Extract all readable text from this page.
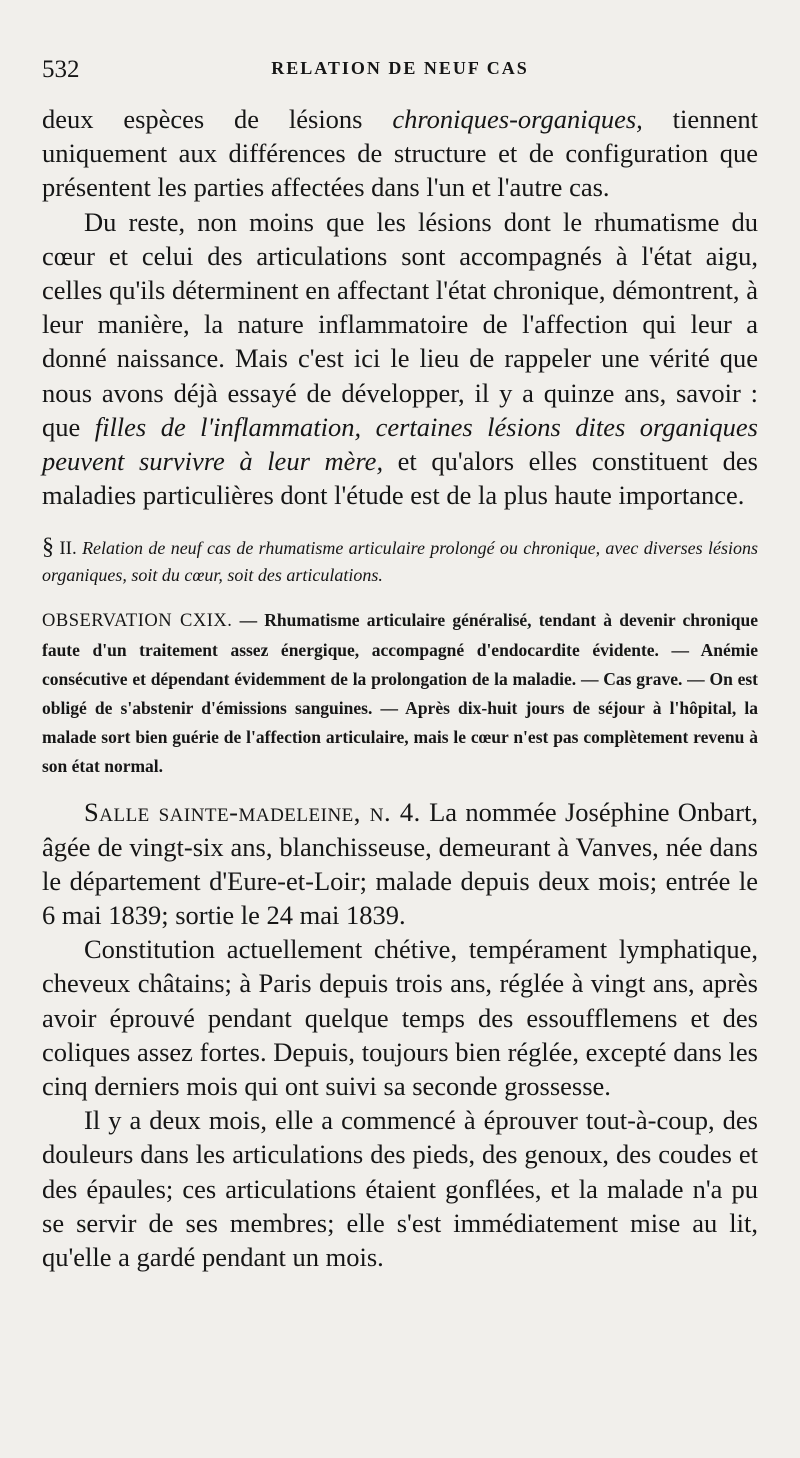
532	RELATION DE NEUF CAS

deux espèces de lésions chroniques-organiques, tiennent uniquement aux différences de structure et de configuration que présentent les parties affectées dans l'un et l'autre cas.

Du reste, non moins que les lésions dont le rhumatisme du cœur et celui des articulations sont accompagnés à l'état aigu, celles qu'ils déterminent en affectant l'état chronique, démontrent, à leur manière, la nature inflammatoire de l'affection qui leur a donné naissance. Mais c'est ici le lieu de rappeler une vérité que nous avons déjà essayé de développer, il y a quinze ans, savoir : que filles de l'inflammation, certaines lésions dites organiques peuvent survivre à leur mère, et qu'alors elles constituent des maladies particulières dont l'étude est de la plus haute importance.

§ II. Relation de neuf cas de rhumatisme articulaire prolongé ou chronique, avec diverses lésions organiques, soit du cœur, soit des articulations.

OBSERVATION CXIX. — Rhumatisme articulaire généralisé, tendant à devenir chronique faute d'un traitement assez énergique, accompagné d'endocardite évidente. — Anémie consécutive et dépendant évidemment de la prolongation de la maladie. — Cas grave. — On est obligé de s'abstenir d'émissions sanguines. — Après dix-huit jours de séjour à l'hôpital, la malade sort bien guérie de l'affection articulaire, mais le cœur n'est pas complètement revenu à son état normal.

Salle sainte-madeleine, n. 4. La nommée Joséphine Onbart, âgée de vingt-six ans, blanchisseuse, demeurant à Vanves, née dans le département d'Eure-et-Loir; malade depuis deux mois; entrée le 6 mai 1839; sortie le 24 mai 1839.

Constitution actuellement chétive, tempérament lymphatique, cheveux châtains; à Paris depuis trois ans, réglée à vingt ans, après avoir éprouvé pendant quelque temps des essoufflemens et des coliques assez fortes. Depuis, toujours bien réglée, excepté dans les cinq derniers mois qui ont suivi sa seconde grossesse.

Il y a deux mois, elle a commencé à éprouver tout-à-coup, des douleurs dans les articulations des pieds, des genoux, des coudes et des épaules; ces articulations étaient gonflées, et la malade n'a pu se servir de ses membres; elle s'est immédiatement mise au lit, qu'elle a gardé pendant un mois.
